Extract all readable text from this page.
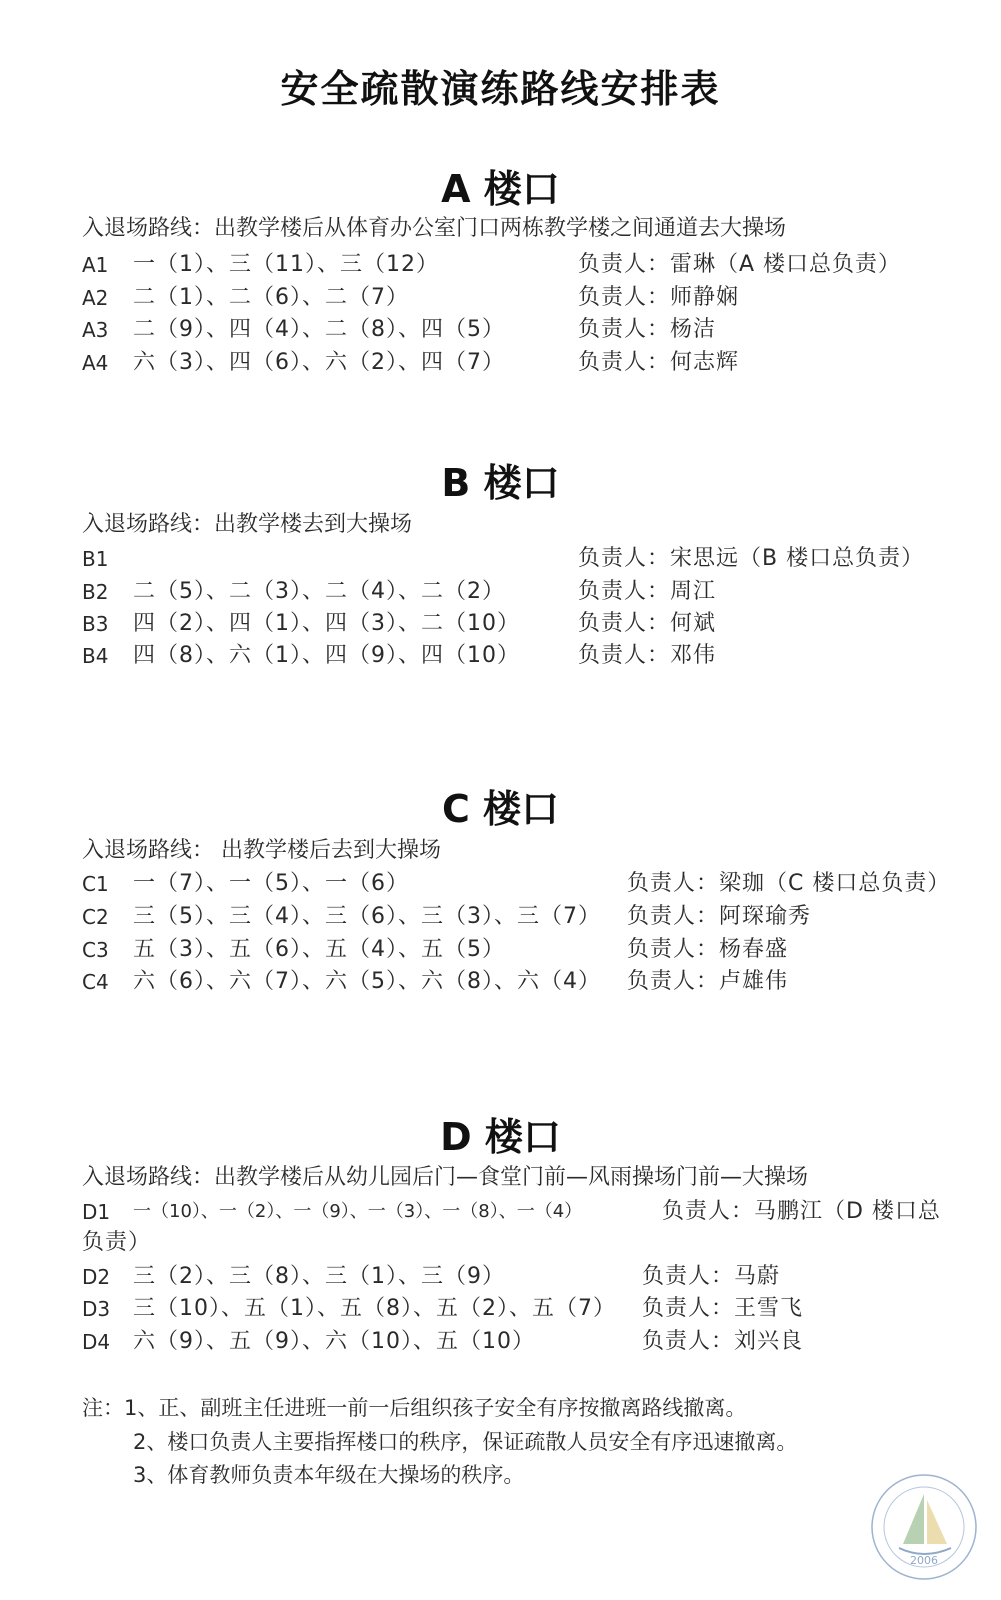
安全疏散演练路线安排表
A 楼口
入退场路线：出教学楼后从体育办公室门口两栋教学楼之间通道去大操场
A1 一（1）、三（11）、三（12）	负责人：雷琳（A 楼口总负责）
A2 二（1）、二（6）、二（7）	负责人：师静娴
A3 二（9）、四（4）、二（8）、四（5）	负责人：杨洁
A4 六（3）、四（6）、六（2）、四（7）	负责人：何志辉
B 楼口
入退场路线：出教学楼去到大操场
B1	负责人：宋思远（B 楼口总负责）
B2 二（5）、二（3）、二（4）、二（2）	负责人：周江
B3 四（2）、四（1）、四（3）、二（10）	负责人：何斌
B4 四（8）、六（1）、四（9）、四（10）	负责人：邓伟
C 楼口
入退场路线： 出教学楼后去到大操场
C1 一（7）、一（5）、一（6）	负责人：梁珈（C 楼口总负责）
C2 三（5）、三（4）、三（6）、三（3）、三（7） 负责人：阿琛瑜秀
C3 五（3）、五（6）、五（4）、五（5）	负责人：杨春盛
C4 六（6）、六（7）、六（5）、六（8）、六（4） 负责人：卢雄伟
D 楼口
入退场路线：出教学楼后从幼儿园后门—食堂门前—风雨操场门前—大操场
D1 一（10）、一（2）、一（9）、一（3）、一（8）、一（4）	负责人：马鹏江（D 楼口总
负责）
D2 三（2）、三（8）、三（1）、三（9）	负责人：马蔚
D3 三（10）、五（1）、五（8）、五（2）、五（7） 负责人：王雪飞
D4 六（9）、五（9）、六（10）、五（10）	负责人：刘兴良
注：1、正、副班主任进班一前一后组织孩子安全有序按撤离路线撤离。
2、楼口负责人主要指挥楼口的秩序，保证疏散人员安全有序迅速撤离。
3、体育教师负责本年级在大操场的秩序。
2006
